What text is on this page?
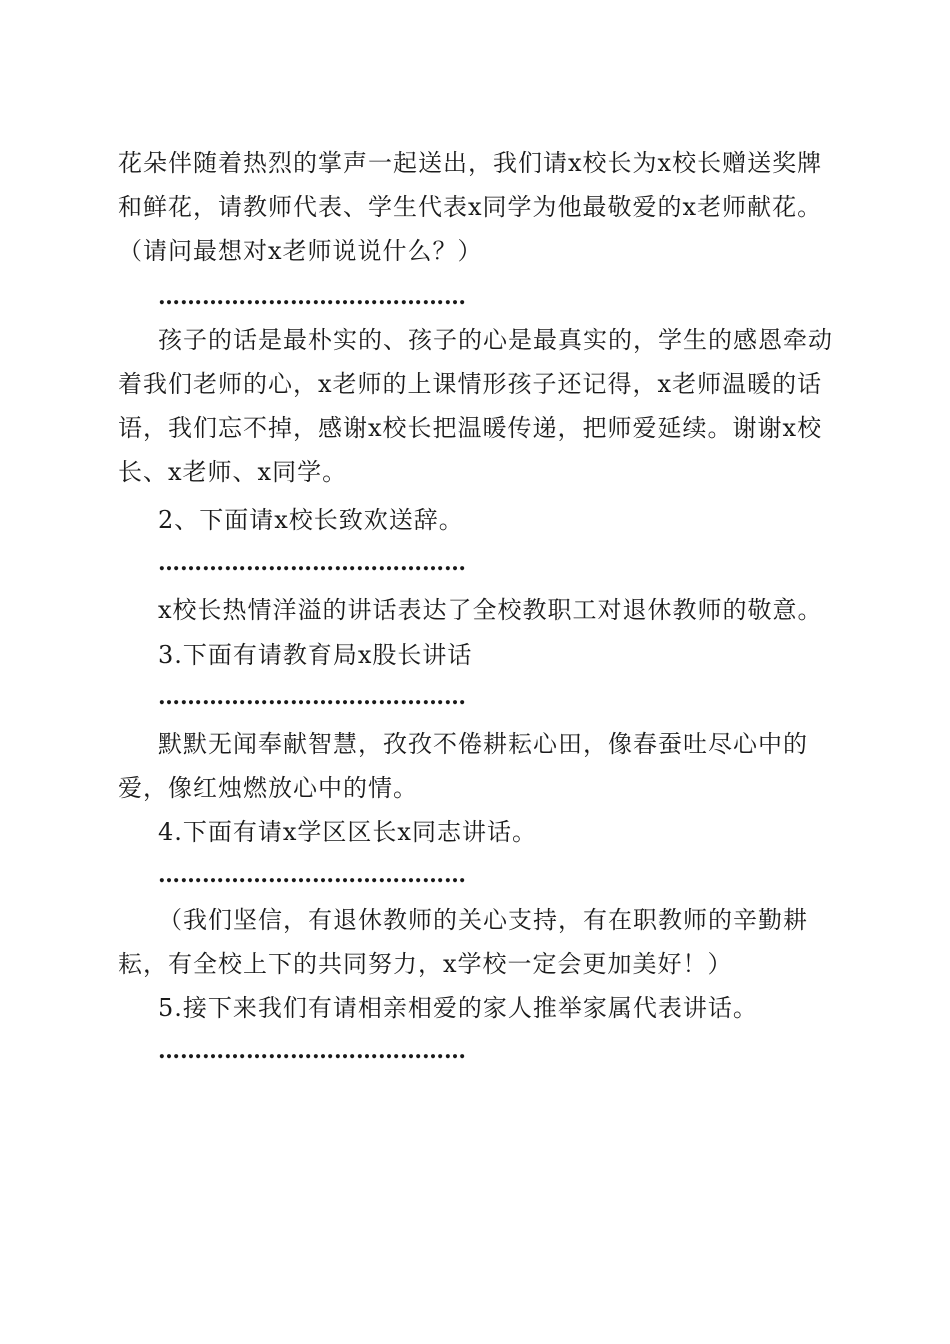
花朵伴随着热烈的掌声一起送出，我们请x校长为x校长赠送奖牌和鲜花，请教师代表、学生代表x同学为他最敬爱的x老师献花。（请问最想对x老师说说什么？）

……………………………………

孩子的话是最朴实的、孩子的心是最真实的，学生的感恩牵动着我们老师的心，x老师的上课情形孩子还记得，x老师温暖的话语，我们忘不掉，感谢x校长把温暖传递，把师爱延续。谢谢x校长、x老师、x同学。

2、下面请x校长致欢送辞。
……………………………………
x校长热情洋溢的讲话表达了全校教职工对退休教师的敬意。
3.下面有请教育局x股长讲话
……………………………………

默默无闻奉献智慧，孜孜不倦耕耘心田，像春蚕吐尽心中的爱，像红烛燃放心中的情。

4.下面有请x学区区长x同志讲话。
……………………………………

（我们坚信，有退休教师的关心支持，有在职教师的辛勤耕耘，有全校上下的共同努力，x学校一定会更加美好！）

5.接下来我们有请相亲相爱的家人推举家属代表讲话。
……………………………………
